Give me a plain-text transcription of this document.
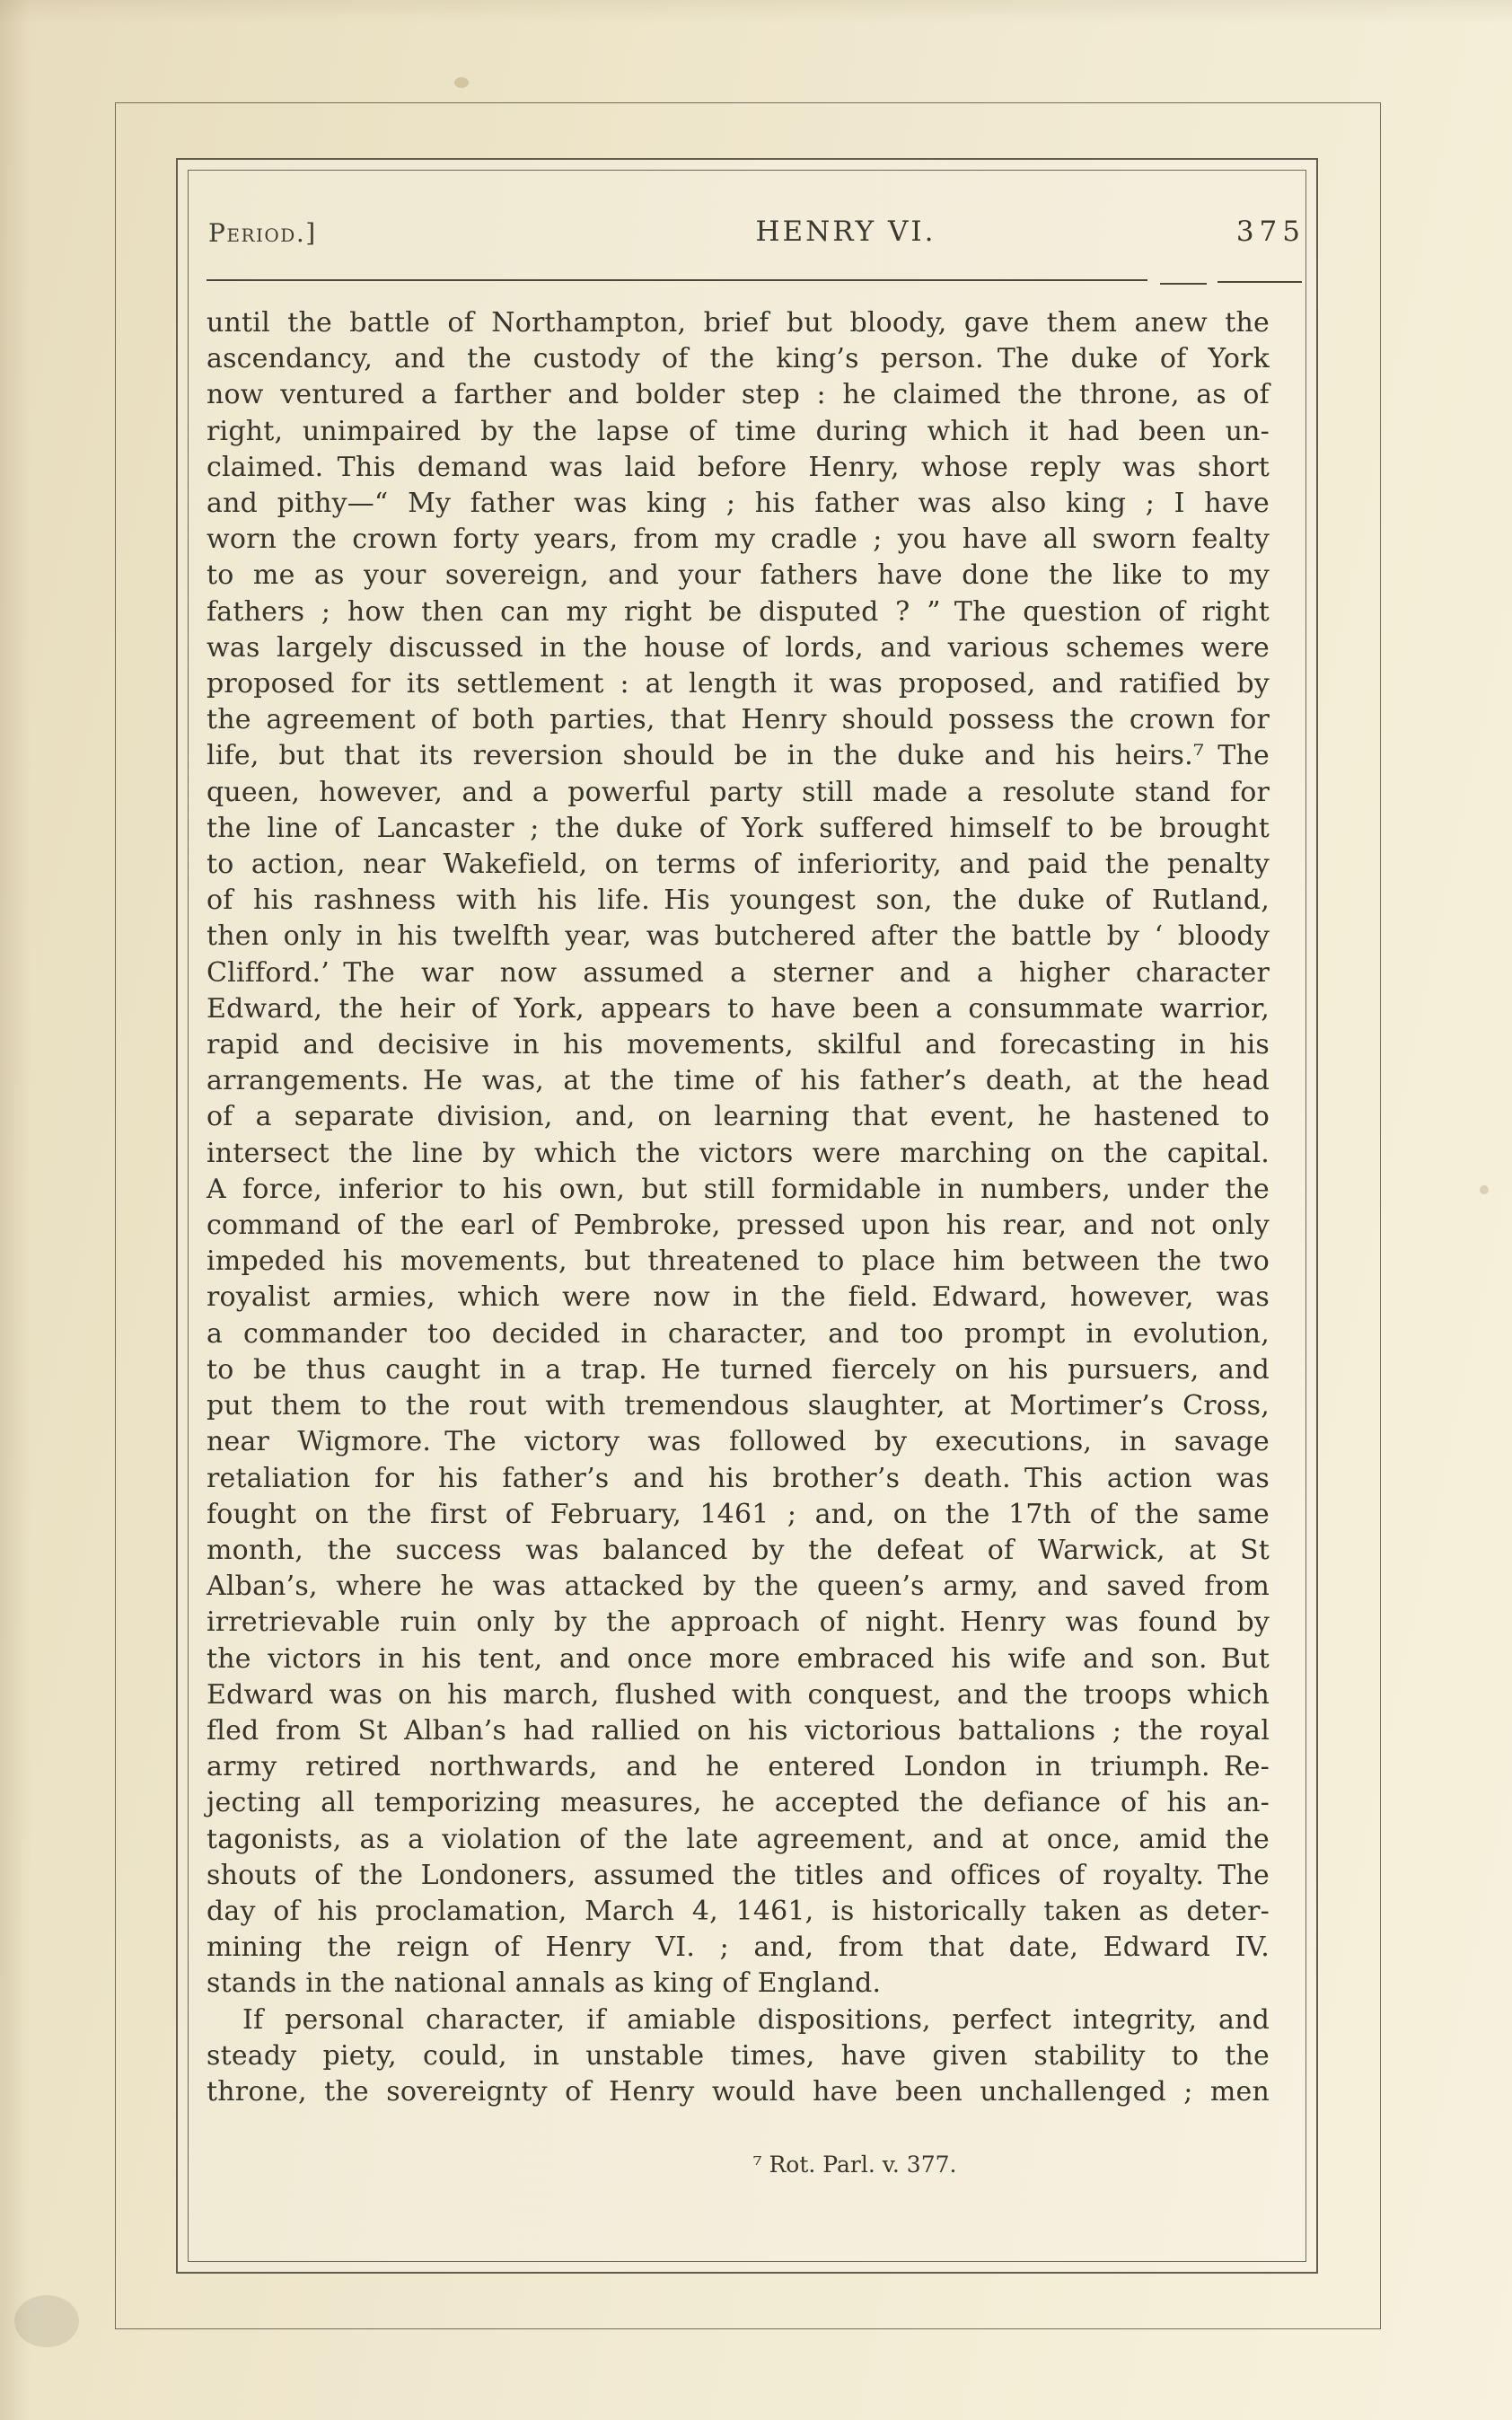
Period.]	HENRY VI.	375
until the battle of Northampton, brief but bloody, gave them anew the
ascendancy, and the custody of the king’s person. The duke of York
now ventured a farther and bolder step : he claimed the throne, as of
right, unimpaired by the lapse of time during which it had been un-
claimed. This demand was laid before Henry, whose reply was short
and pithy—“ My father was king ; his father was also king ; I have
worn the crown forty years, from my cradle ; you have all sworn fealty
to me as your sovereign, and your fathers have done the like to my
fathers ; how then can my right be disputed ? ” The question of right
was largely discussed in the house of lords, and various schemes were
proposed for its settlement : at length it was proposed, and ratified by
the agreement of both parties, that Henry should possess the crown for
life, but that its reversion should be in the duke and his heirs.⁷ The
queen, however, and a powerful party still made a resolute stand for
the line of Lancaster ; the duke of York suffered himself to be brought
to action, near Wakefield, on terms of inferiority, and paid the penalty
of his rashness with his life. His youngest son, the duke of Rutland,
then only in his twelfth year, was butchered after the battle by ‘ bloody
Clifford.’ The war now assumed a sterner and a higher character
Edward, the heir of York, appears to have been a consummate warrior,
rapid and decisive in his movements, skilful and forecasting in his
arrangements. He was, at the time of his father’s death, at the head
of a separate division, and, on learning that event, he hastened to
intersect the line by which the victors were marching on the capital.
A force, inferior to his own, but still formidable in numbers, under the
command of the earl of Pembroke, pressed upon his rear, and not only
impeded his movements, but threatened to place him between the two
royalist armies, which were now in the field. Edward, however, was
a commander too decided in character, and too prompt in evolution,
to be thus caught in a trap. He turned fiercely on his pursuers, and
put them to the rout with tremendous slaughter, at Mortimer’s Cross,
near Wigmore. The victory was followed by executions, in savage
retaliation for his father’s and his brother’s death. This action was
fought on the first of February, 1461 ; and, on the 17th of the same
month, the success was balanced by the defeat of Warwick, at St
Alban’s, where he was attacked by the queen’s army, and saved from
irretrievable ruin only by the approach of night. Henry was found by
the victors in his tent, and once more embraced his wife and son. But
Edward was on his march, flushed with conquest, and the troops which
fled from St Alban’s had rallied on his victorious battalions ; the royal
army retired northwards, and he entered London in triumph. Re-
jecting all temporizing measures, he accepted the defiance of his an-
tagonists, as a violation of the late agreement, and at once, amid the
shouts of the Londoners, assumed the titles and offices of royalty. The
day of his proclamation, March 4, 1461, is historically taken as deter-
mining the reign of Henry VI. ; and, from that date, Edward IV.
stands in the national annals as king of England.
If personal character, if amiable dispositions, perfect integrity, and
steady piety, could, in unstable times, have given stability to the
throne, the sovereignty of Henry would have been unchallenged ; men
⁷ Rot. Parl. v. 377.
